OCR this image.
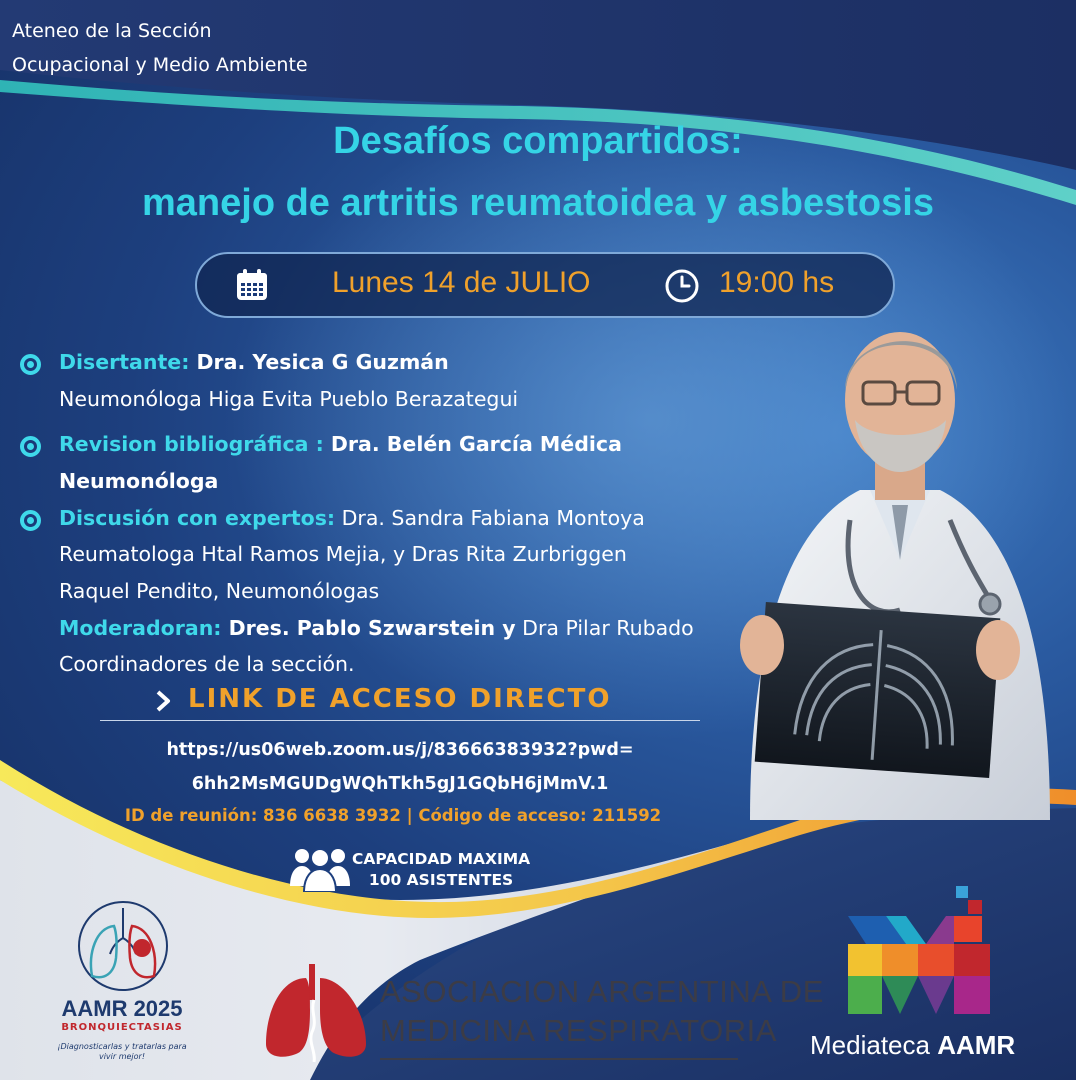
Ateneo de la Sección
Ocupacional y Medio Ambiente
Desafíos compartidos:
manejo de artritis reumatoidea y asbestosis
Lunes 14 de JULIO	19:00 hs
Disertante: Dra. Yesica G Guzmán
Neumonóloga Higa Evita Pueblo Berazategui
Revision bibliográfica : Dra. Belén García Médica
Neumonóloga
Discusión con expertos: Dra. Sandra Fabiana Montoya
Reumatologa Htal Ramos Mejia, y Dras Rita Zurbriggen
Raquel Pendito, Neumonólogas
Moderadoran: Dres. Pablo Szwarstein y Dra Pilar Rubado
Coordinadores de la sección.
LINK DE ACCESO DIRECTO
https://us06web.zoom.us/j/83666383932?pwd=
6hh2MsMGUDgWQhTkh5gJ1GQbH6jMmV.1
ID de reunión: 836 6638 3932 | Código de acceso: 211592
CAPACIDAD MAXIMA
100 ASISTENTES
AAMR 2025
BRONQUIECTASIAS
¡Diagnosticarlas y tratarlas para vivir mejor!
ASOCIACION ARGENTINA DE
MEDICINA RESPIRATORIA Mediateca AAMR
